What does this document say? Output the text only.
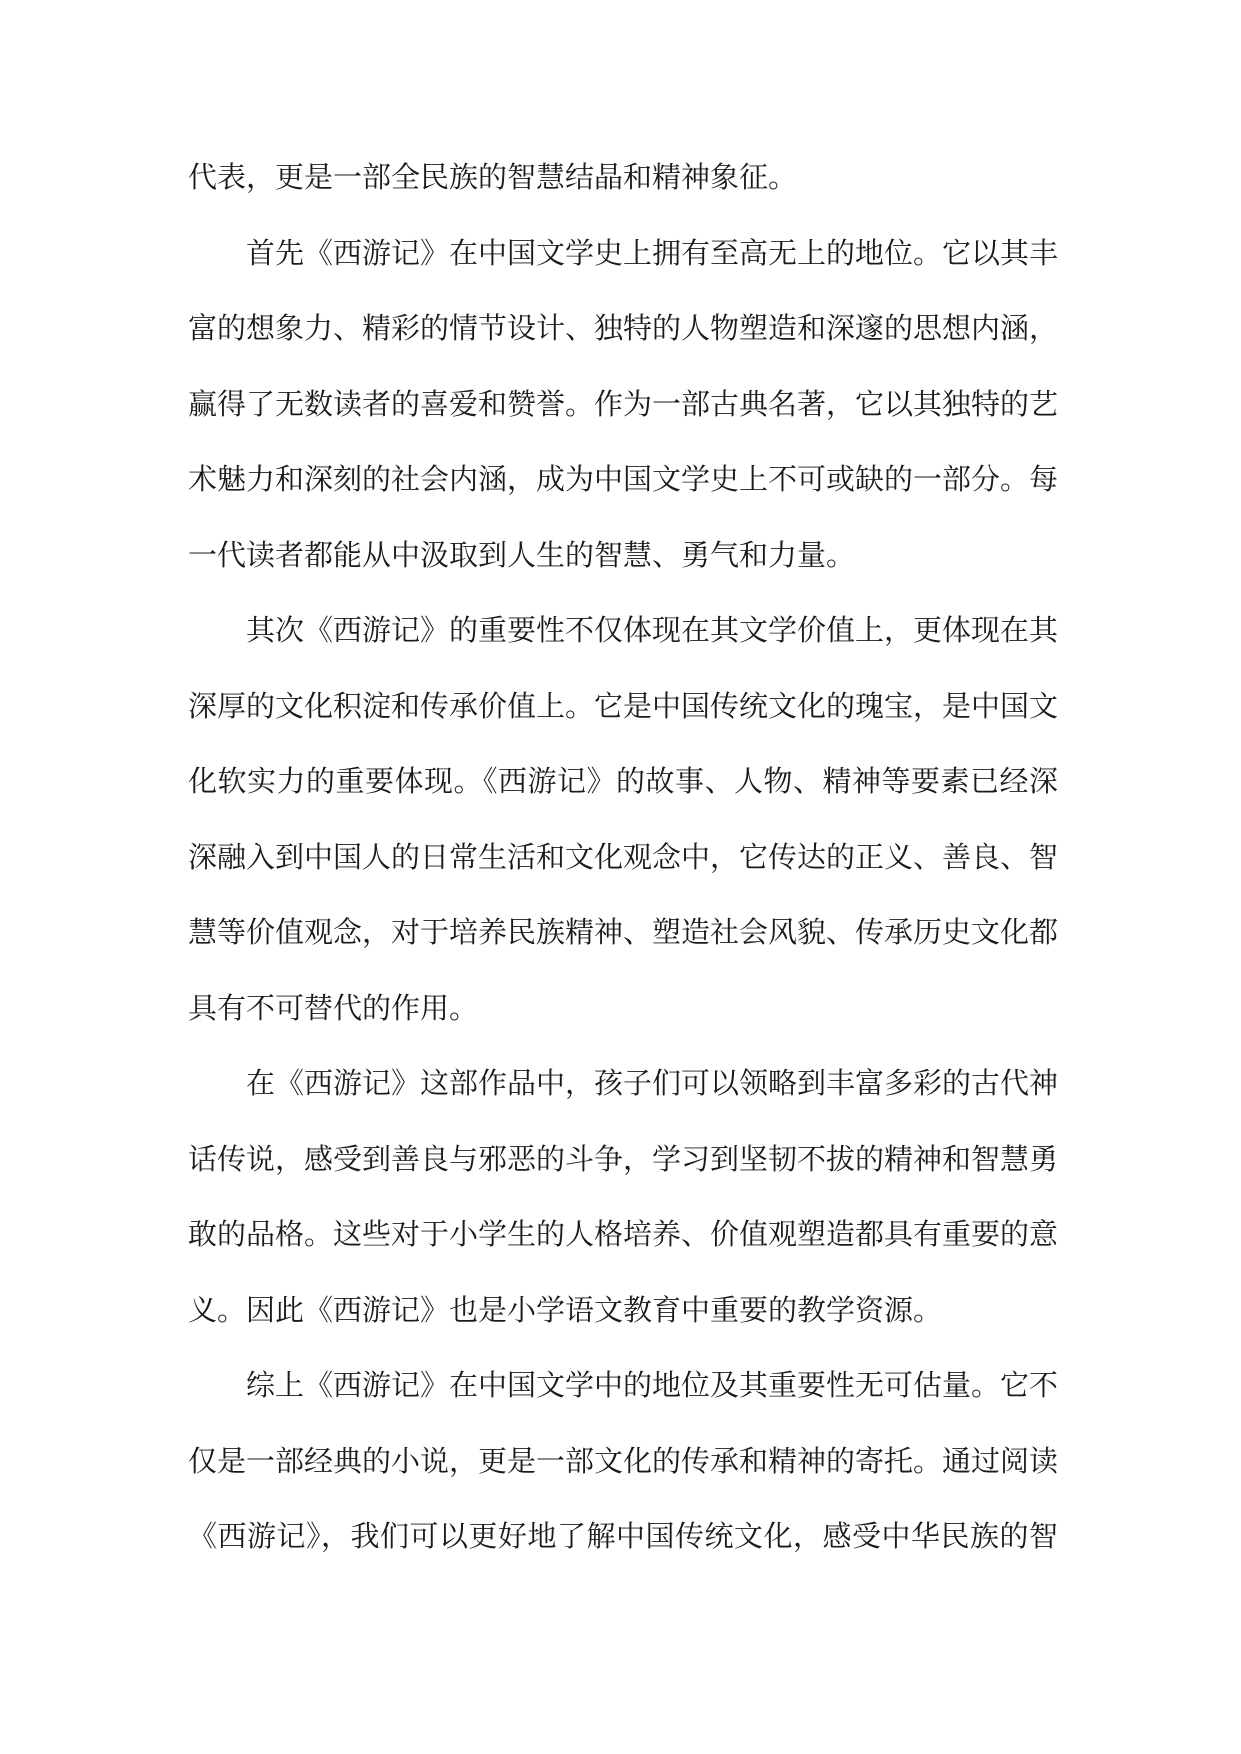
代表，更是一部全民族的智慧结晶和精神象征。
首先《西游记》在中国文学史上拥有至高无上的地位。它以其丰
富的想象力、精彩的情节设计、独特的人物塑造和深邃的思想内涵，
赢得了无数读者的喜爱和赞誉。作为一部古典名著，它以其独特的艺
术魅力和深刻的社会内涵，成为中国文学史上不可或缺的一部分。每
一代读者都能从中汲取到人生的智慧、勇气和力量。
其次《西游记》的重要性不仅体现在其文学价值上，更体现在其
深厚的文化积淀和传承价值上。它是中国传统文化的瑰宝，是中国文
化软实力的重要体现。《西游记》的故事、人物、精神等要素已经深
深融入到中国人的日常生活和文化观念中，它传达的正义、善良、智
慧等价值观念，对于培养民族精神、塑造社会风貌、传承历史文化都
具有不可替代的作用。
在《西游记》这部作品中，孩子们可以领略到丰富多彩的古代神
话传说，感受到善良与邪恶的斗争，学习到坚韧不拔的精神和智慧勇
敢的品格。这些对于小学生的人格培养、价值观塑造都具有重要的意
义。因此《西游记》也是小学语文教育中重要的教学资源。
综上《西游记》在中国文学中的地位及其重要性无可估量。它不
仅是一部经典的小说，更是一部文化的传承和精神的寄托。通过阅读
《西游记》，我们可以更好地了解中国传统文化，感受中华民族的智
